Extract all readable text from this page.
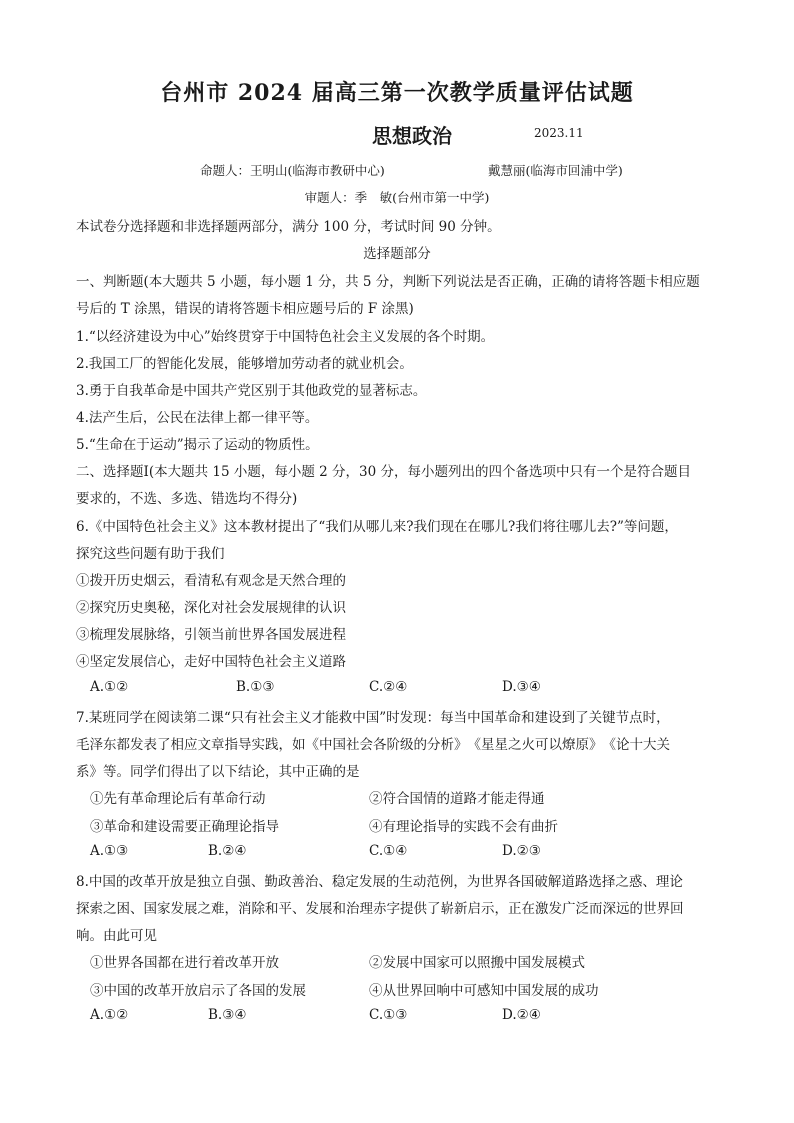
台州市 2024 届高三第一次教学质量评估试题
思想政治	2023.11
命题人：王明山(临海市教研中心)	戴慧丽(临海市回浦中学)
审题人：季　敏(台州市第一中学)
本试卷分选择题和非选择题两部分，满分 100 分，考试时间 90 分钟。
选择题部分
一、判断题(本大题共 5 小题，每小题 1 分，共 5 分，判断下列说法是否正确，正确的请将答题卡相应题
号后的 T 涂黑，错误的请将答题卡相应题号后的 F 涂黑)
1.“以经济建设为中心”始终贯穿于中国特色社会主义发展的各个时期。
2.我国工厂的智能化发展，能够增加劳动者的就业机会。
3.勇于自我革命是中国共产党区别于其他政党的显著标志。
4.法产生后，公民在法律上都一律平等。
5.“生命在于运动”揭示了运动的物质性。
二、选择题Ⅰ(本大题共 15 小题，每小题 2 分，30 分，每小题列出的四个备选项中只有一个是符合题目
要求的，不选、多选、错选均不得分)
6.《中国特色社会主义》这本教材提出了“我们从哪儿来?我们现在在哪儿?我们将往哪儿去?”等问题，
探究这些问题有助于我们
①拨开历史烟云，看清私有观念是天然合理的
②探究历史奥秘，深化对社会发展规律的认识
③梳理发展脉络，引领当前世界各国发展进程
④坚定发展信心，走好中国特色社会主义道路
A.①②	B.①③	C.②④	D.③④
7.某班同学在阅读第二课“只有社会主义才能救中国”时发现：每当中国革命和建设到了关键节点时，
毛泽东都发表了相应文章指导实践，如《中国社会各阶级的分析》　《星星之火可以燎原》　《论十大关
系》等。同学们得出了以下结论，其中正确的是
①先有革命理论后有革命行动	②符合国情的道路才能走得通
③革命和建设需要正确理论指导	④有理论指导的实践不会有曲折
A.①③	B.②④	C.①④	D.②③
8.中国的改革开放是独立自强、勤政善治、稳定发展的生动范例，为世界各国破解道路选择之惑、理论
探索之困、国家发展之难，消除和平、发展和治理赤字提供了崭新启示，正在激发广泛而深远的世界回
响。由此可见
①世界各国都在进行着改革开放	②发展中国家可以照搬中国发展模式
③中国的改革开放启示了各国的发展	④从世界回响中可感知中国发展的成功
A.①②	B.③④	C.①③	D.②④
